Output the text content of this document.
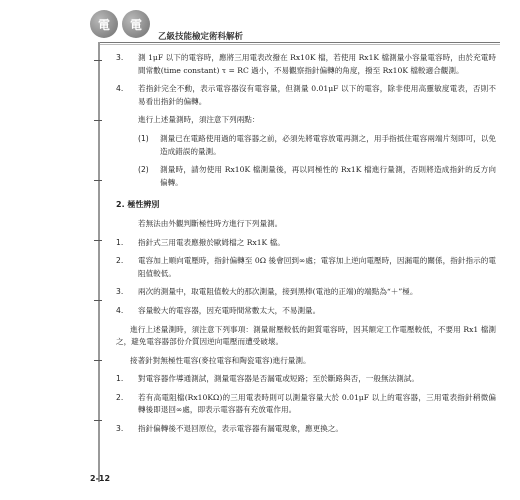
電	電
乙級技能檢定術科解析
3. 測 1μF 以下的電容時，應將三用電表改撥在 Rx10K 檔，若使用 Rx1K 檔測量小容量電容時，由於充電時間常數(time constant) τ = RC 過小，不易觀察指針偏轉的角度，撥至 Rx10K 檔較適合觀測。
4. 若指針完全不動，表示電容器沒有電容量，但測量 0.01μF 以下的電容，除非使用高靈敏度電表，否則不易看出指針的偏轉。
進行上述量測時，須注意下列兩點：
(1) 測量已在電路使用過的電容器之前，必須先將電容放電再測之，用手指抵住電容兩端片刻即可，以免造成錯誤的量測。
(2) 測量時，請勿使用 Rx10K 檔測量後，再以同極性的 Rx1K 檔進行量測，否則將造成指針的反方向偏轉。
2. 極性辨別
若無法由外觀判斷極性時方進行下列量測。
1. 指針式三用電表應撥於歐姆檔之 Rx1K 檔。
2. 電容加上順向電壓時，指針偏轉至 0Ω 後會回到∞處；電容加上逆向電壓時，因漏電的關係，指針指示的電阻值較低。
3. 兩次的測量中，取電阻值較大的那次測量，接到黑棒(電池的正端)的端點為“＋”極。
4. 容量較大的電容器，因充電時間常數太大，不易測量。
進行上述量測時，須注意下列事項：測量耐壓較低的鉭質電容時，因其額定工作電壓較低，不要用 Rx1 檔測之，避免電容器部份介質因逆向電壓而遭受破壞。
接著針對無極性電容(麥拉電容和陶瓷電容)進行量測。
1. 對電容器作導通測試，測量電容器是否漏電或短路；至於斷路與否，一般無法測試。
2. 若有高電阻檔(Rx10KΩ)的三用電表時則可以測量容量大於 0.01μF 以上的電容器，三用電表指針稍微偏轉後即退回∞處，即表示電容器有充放電作用。
3. 指針偏轉後不退回原位，表示電容器有漏電現象，應更換之。
2-12
